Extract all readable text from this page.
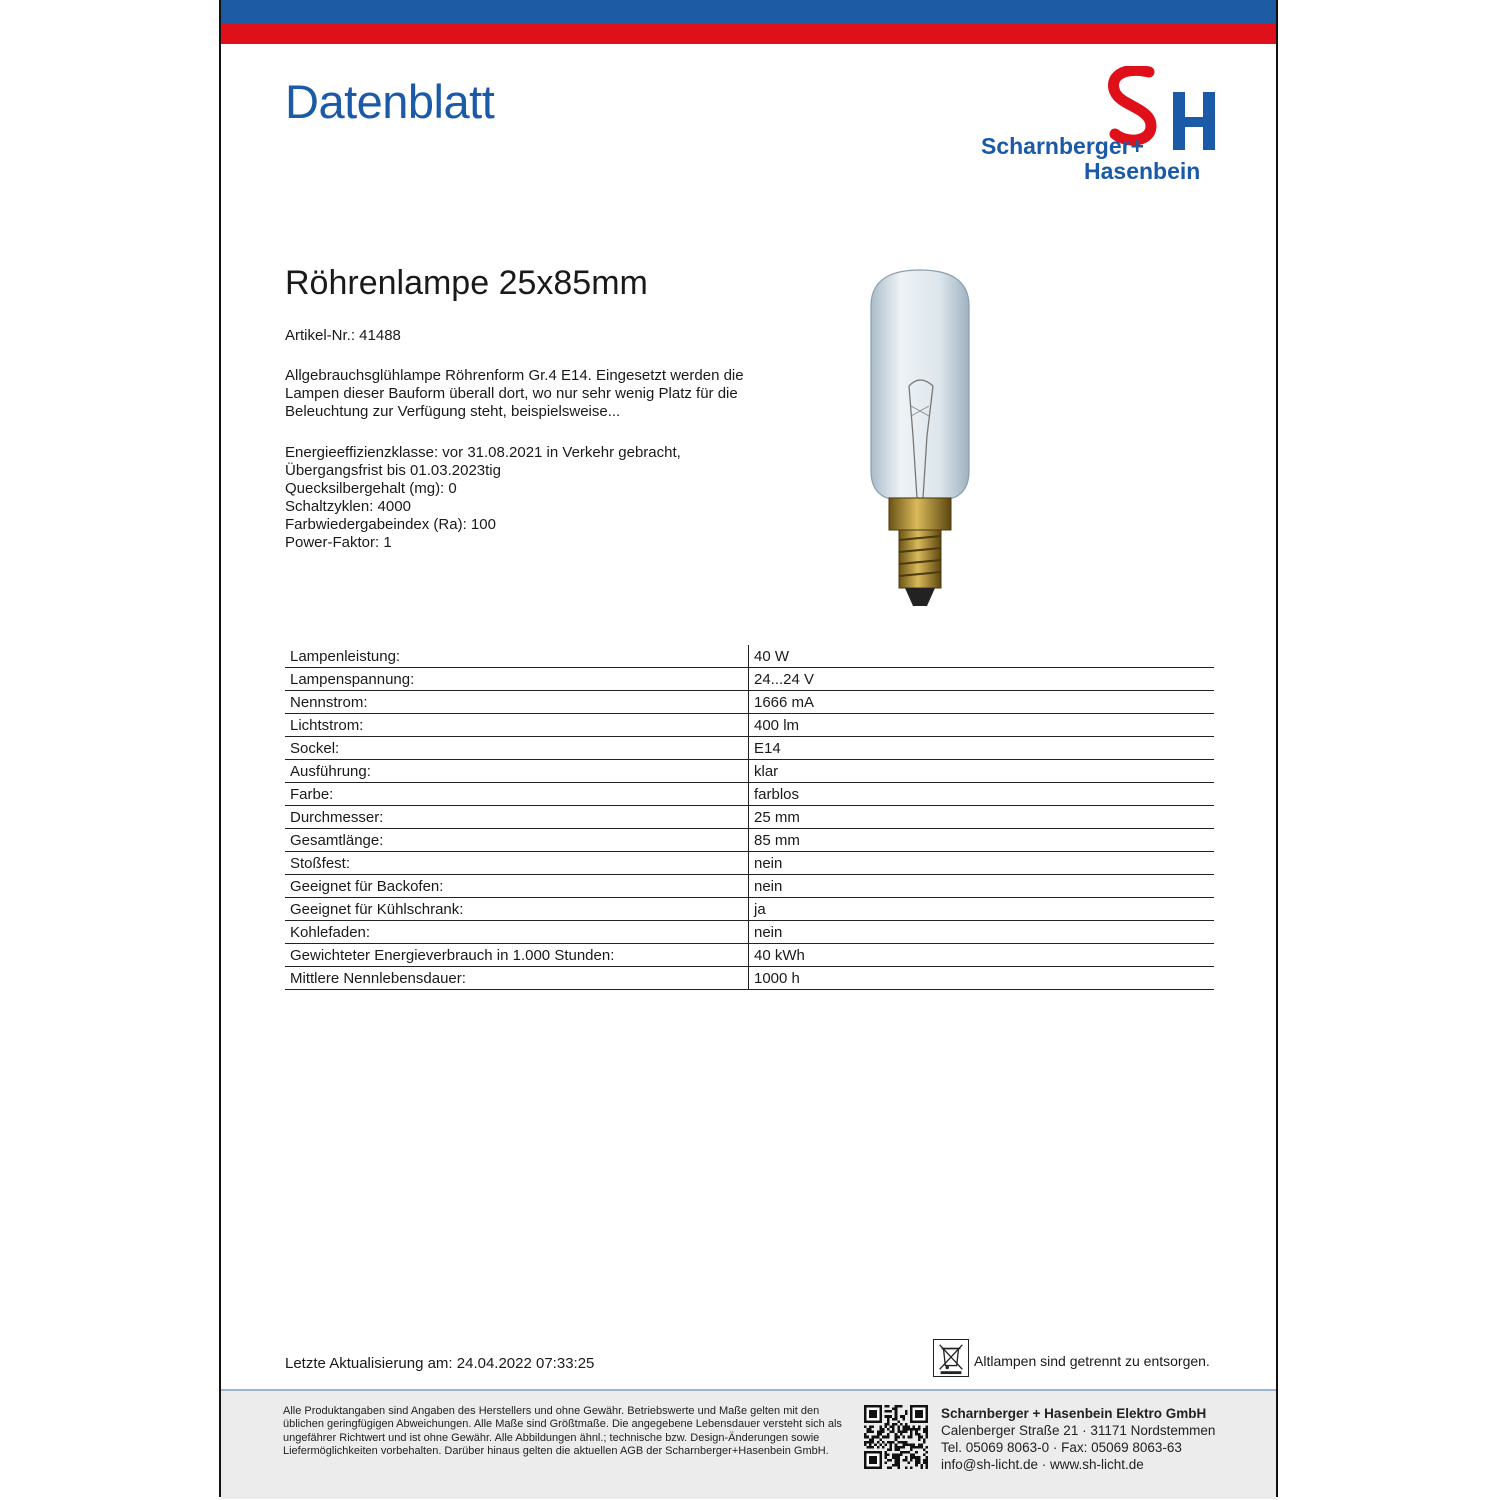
Datenblatt
Scharnberger+
Hasenbein
Röhrenlampe 25x85mm
Artikel-Nr.: 41488
Allgebrauchsglühlampe Röhrenform Gr.4 E14. Eingesetzt werden die Lampen dieser Bauform überall dort, wo nur sehr wenig Platz für die Beleuchtung zur Verfügung steht, beispielsweise...
Energieeffizienzklasse: vor 31.08.2021 in Verkehr gebracht,
Übergangsfrist bis 01.03.2023tig
Quecksilbergehalt (mg): 0
Schaltzyklen: 4000
Farbwiedergabeindex (Ra): 100
Power-Faktor: 1
Lampenleistung:	40 W
Lampenspannung:	24...24 V
Nennstrom:	1666 mA
Lichtstrom:	400 lm
Sockel:	E14
Ausführung:	klar
Farbe:	farblos
Durchmesser:	25 mm
Gesamtlänge:	85 mm
Stoßfest:	nein
Geeignet für Backofen:	nein
Geeignet für Kühlschrank:	ja
Kohlefaden:	nein
Gewichteter Energieverbrauch in 1.000 Stunden:	40 kWh
Mittlere Nennlebensdauer:	1000 h
Letzte Aktualisierung am: 24.04.2022 07:33:25	Altlampen sind getrennt zu entsorgen.
Alle Produktangaben sind Angaben des Herstellers und ohne Gewähr. Betriebswerte und Maße gelten mit den üblichen geringfügigen Abweichungen. Alle Maße sind Größtmaße. Die angegebene Lebensdauer versteht sich als ungefährer Richtwert und ist ohne Gewähr. Alle Abbildungen ähnl.; technische bzw. Design-Änderungen sowie Liefermöglichkeiten vorbehalten. Darüber hinaus gelten die aktuellen AGB der Scharnberger+Hasenbein GmbH.
Scharnberger + Hasenbein Elektro GmbH
Calenberger Straße 21 · 31171 Nordstemmen
Tel. 05069 8063-0 · Fax: 05069 8063-63
info@sh-licht.de · www.sh-licht.de
